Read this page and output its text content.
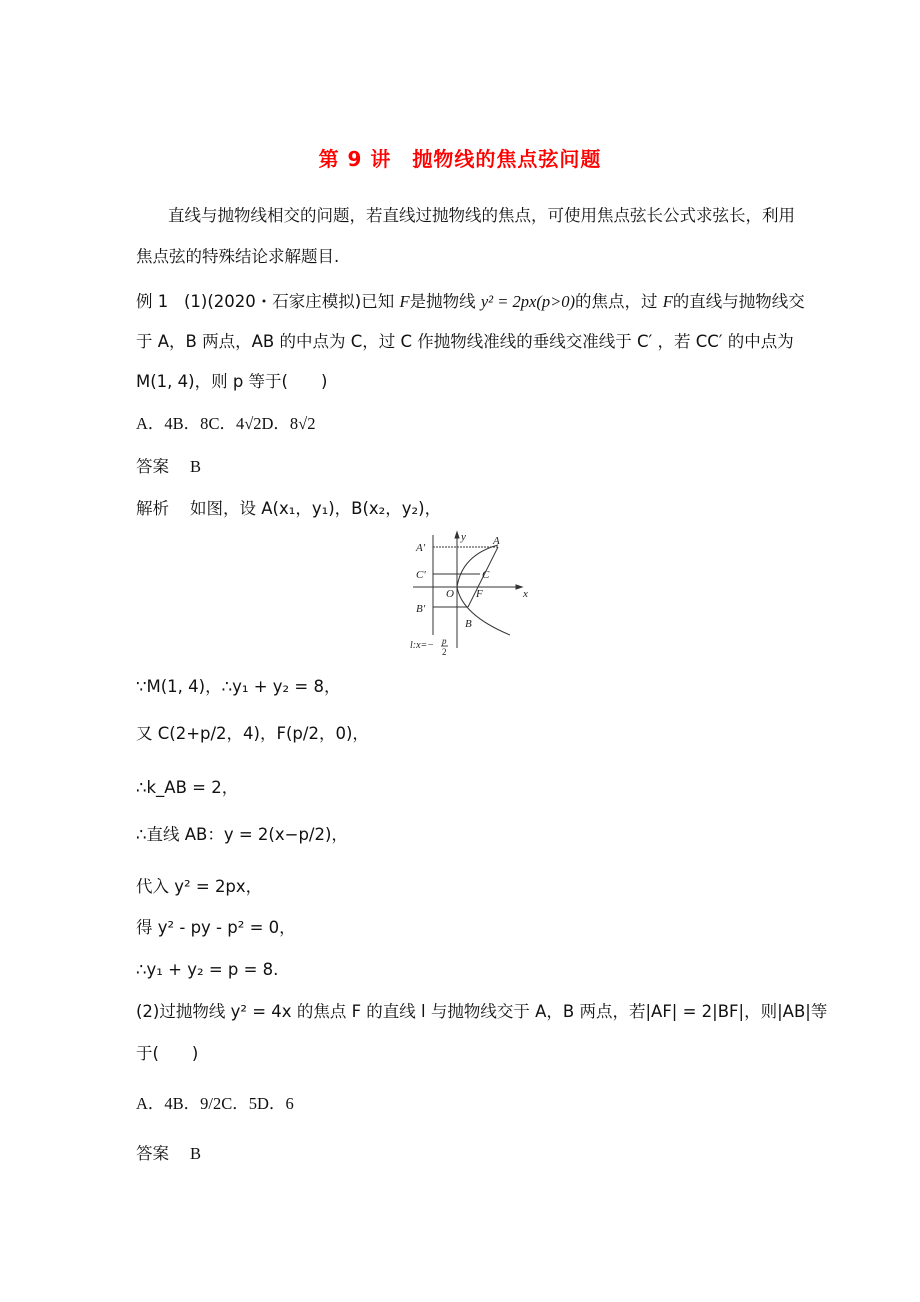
第 9 讲　抛物线的焦点弦问题
直线与抛物线相交的问题，若直线过抛物线的焦点，可使用焦点弦长公式求弦长，利用
焦点弦的特殊结论求解题目.
例 1 (1)(2020・石家庄模拟)已知 F是抛物线 y² = 2px(p>0)的焦点，过 F的直线与抛物线交
于 A，B 两点，AB 的中点为 C，过 C 作抛物线准线的垂线交准线于 C′ ，若 CC′ 的中点为
M(1, 4)，则 p 等于(　　)
A．4B．8C．4√2D．8√2
答案 B
解析 如图，设 A(x₁，y₁)，B(x₂，y₂)，
A′
C′
B′
A
C
B
O F	x
y
l:x=− p
2
∵M(1, 4)，∴y₁ + y₂ = 8，
又 C(2+p/2，4)，F(p/2，0)，
∴k_AB = 2，
∴直线 AB：y = 2(x−p/2)，
代入 y² = 2px，
得 y² - py - p² = 0，
∴y₁ + y₂ = p = 8.
(2)过抛物线 y² = 4x 的焦点 F 的直线 l 与抛物线交于 A，B 两点，若|AF| = 2|BF|，则|AB|等
于(　　)
A．4B．9/2C．5D．6
答案 B
